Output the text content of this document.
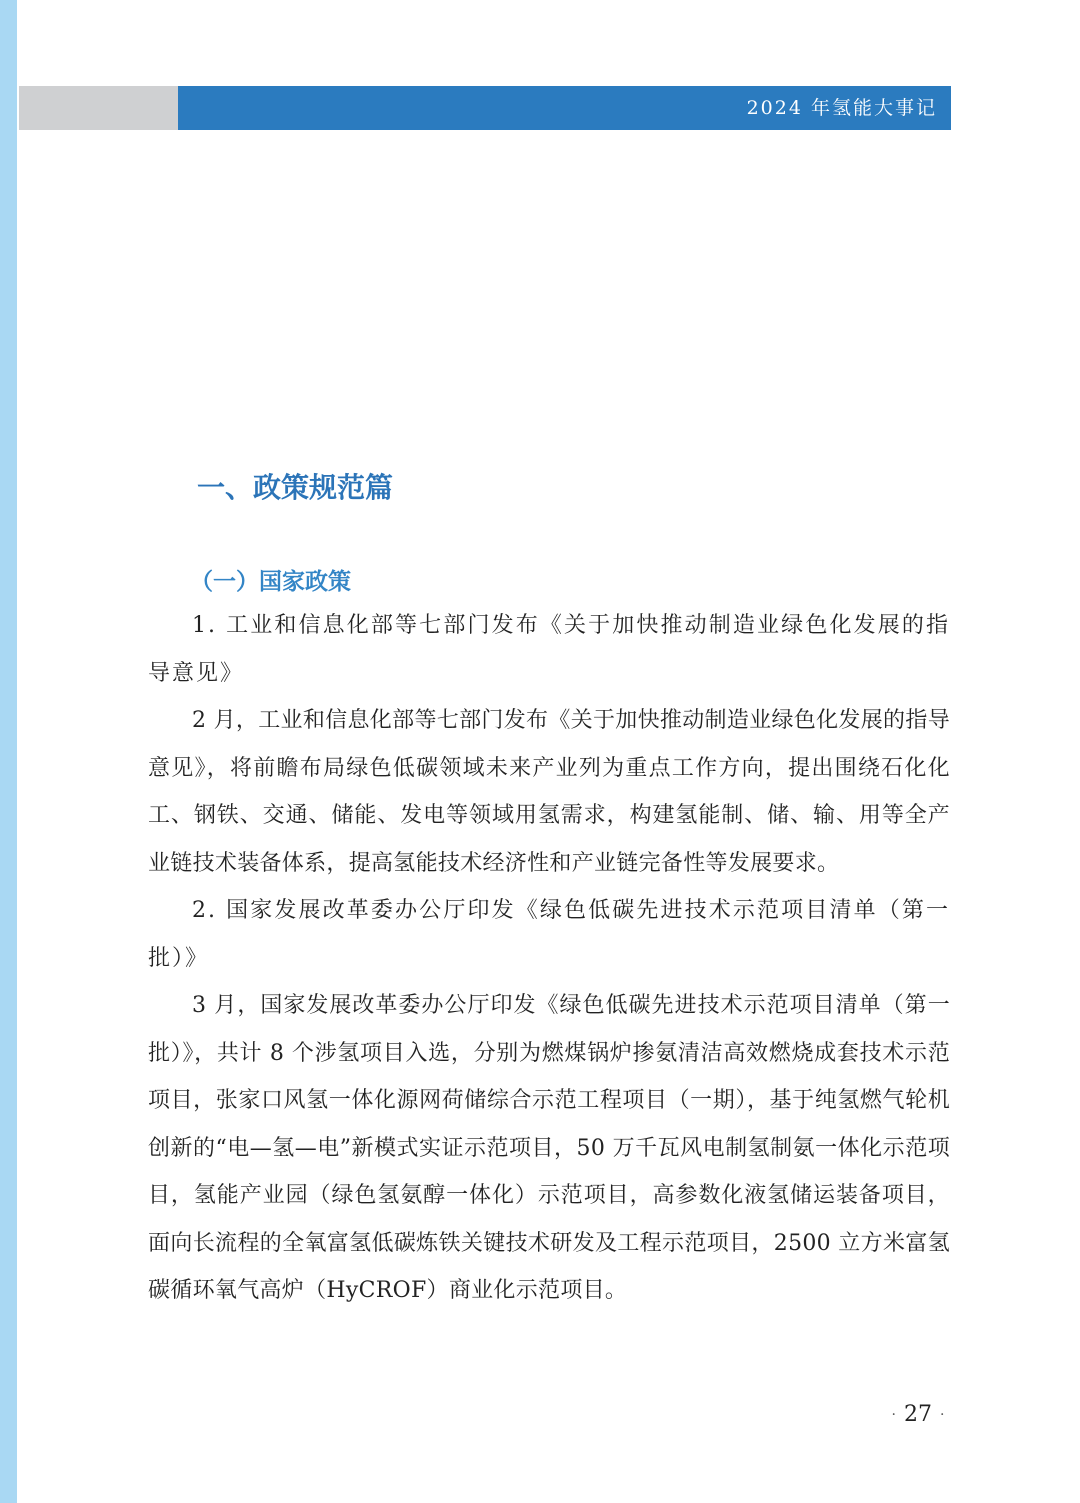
2024 年氢能大事记
一、政策规范篇
（一）国家政策

1. 工业和信息化部等七部门发布《关于加快推动制造业绿色化发展的指导意见》

2 月，工业和信息化部等七部门发布《关于加快推动制造业绿色化发展的指导意见》，将前瞻布局绿色低碳领域未来产业列为重点工作方向，提出围绕石化化工、钢铁、交通、储能、发电等领域用氢需求，构建氢能制、储、输、用等全产业链技术装备体系，提高氢能技术经济性和产业链完备性等发展要求。

2. 国家发展改革委办公厅印发《绿色低碳先进技术示范项目清单（第一批）》

3 月，国家发展改革委办公厅印发《绿色低碳先进技术示范项目清单（第一批）》，共计 8 个涉氢项目入选，分别为燃煤锅炉掺氨清洁高效燃烧成套技术示范项目，张家口风氢一体化源网荷储综合示范工程项目（一期），基于纯氢燃气轮机创新的“电—氢—电”新模式实证示范项目，50 万千瓦风电制氢制氨一体化示范项目，氢能产业园（绿色氢氨醇一体化）示范项目，高参数化液氢储运装备项目，面向长流程的全氧富氢低碳炼铁关键技术研发及工程示范项目，2500 立方米富氢碳循环氧气高炉（HyCROF）商业化示范项目。

· 27 ·
